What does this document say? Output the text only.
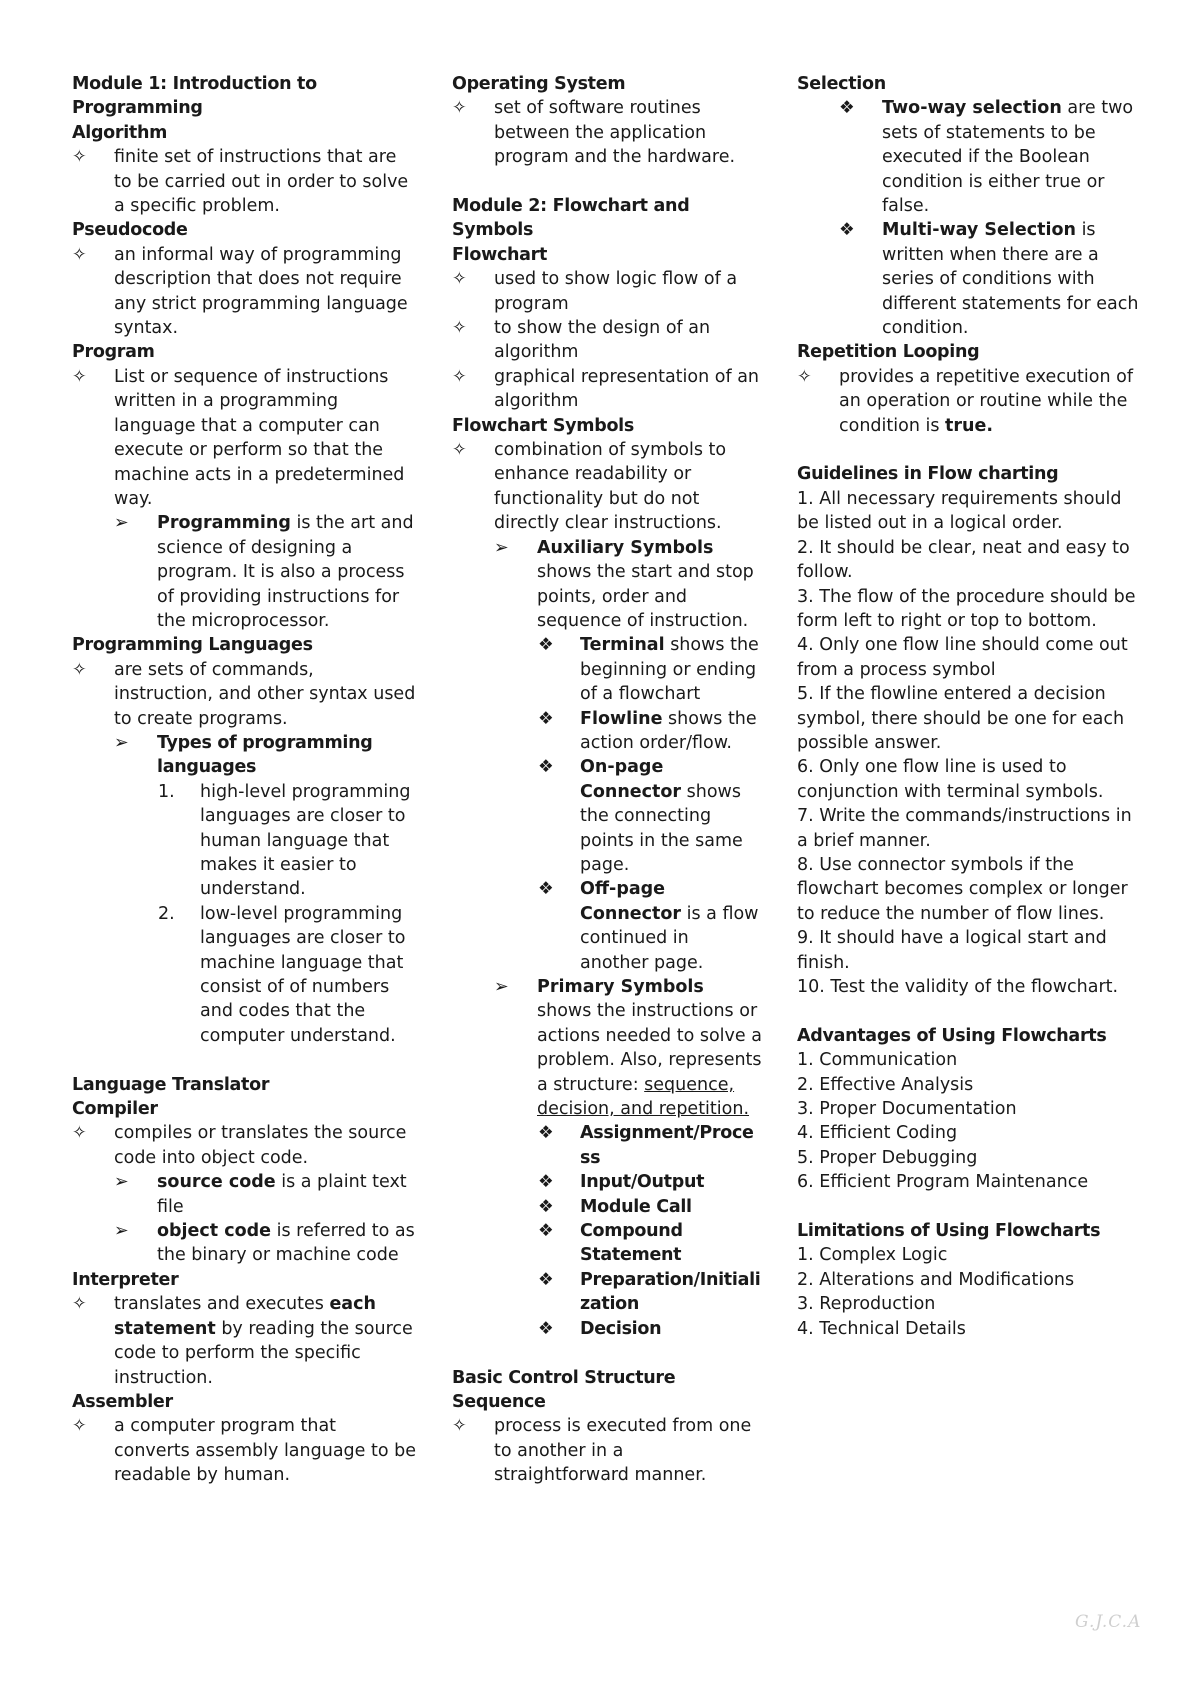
Module 1: Introduction to
Programming
Algorithm
✧ finite set of instructions that are to be carried out in order to solve a specific problem.
Pseudocode
✧ an informal way of programming description that does not require any strict programming language syntax.
Program
✧ List or sequence of instructions written in a programming language that a computer can execute or perform so that the machine acts in a predetermined way.
➢ Programming is the art and science of designing a program. It is also a process of providing instructions for the microprocessor.
Programming Languages
✧ are sets of commands, instruction, and other syntax used to create programs.
➢ Types of programming languages
1. high-level programming languages are closer to human language that makes it easier to understand.
2. low-level programming languages are closer to machine language that consist of of numbers and codes that the computer understand.
Language Translator
Compiler
✧ compiles or translates the source code into object code.
➢ source code is a plaint text file
➢ object code is referred to as the binary or machine code
Interpreter
✧ translates and executes each statement by reading the source code to perform the specific instruction.
Assembler
✧ a computer program that converts assembly language to be readable by human.
Operating System
✧ set of software routines between the application program and the hardware.
Module 2: Flowchart and
Symbols
Flowchart
✧ used to show logic flow of a program
✧ to show the design of an algorithm
✧ graphical representation of an algorithm
Flowchart Symbols
✧ combination of symbols to enhance readability or functionality but do not directly clear instructions.
➢ Auxiliary Symbols
shows the start and stop points, order and sequence of instruction.
❖ Terminal shows the beginning or ending of a flowchart
❖ Flowline shows the action order/flow.
❖ On-page Connector shows the connecting points in the same page.
❖ Off-page Connector is a flow continued in another page.
➢ Primary Symbols shows the instructions or actions needed to solve a problem. Also, represents a structure: sequence, decision, and repetition.
❖ Assignment/Process
❖ Input/Output
❖ Module Call
❖ Compound Statement
❖ Preparation/Initialization
❖ Decision
Basic Control Structure
Sequence
✧ process is executed from one to another in a straightforward manner.
Selection
❖ Two-way selection are two sets of statements to be executed if the Boolean condition is either true or false.
❖ Multi-way Selection is written when there are a series of conditions with different statements for each condition.
Repetition Looping
✧ provides a repetitive execution of an operation or routine while the condition is true.
Guidelines in Flow charting
1. All necessary requirements should be listed out in a logical order.
2. It should be clear, neat and easy to follow.
3. The flow of the procedure should be form left to right or top to bottom.
4. Only one flow line should come out from a process symbol
5. If the flowline entered a decision symbol, there should be one for each possible answer.
6. Only one flow line is used to conjunction with terminal symbols.
7. Write the commands/instructions in a brief manner.
8. Use connector symbols if the flowchart becomes complex or longer to reduce the number of flow lines.
9. It should have a logical start and finish.
10. Test the validity of the flowchart.
Advantages of Using Flowcharts
1. Communication
2. Effective Analysis
3. Proper Documentation
4. Efficient Coding
5. Proper Debugging
6. Efficient Program Maintenance
Limitations of Using Flowcharts
1. Complex Logic
2. Alterations and Modifications
3. Reproduction
4. Technical Details
G.J.C.A
